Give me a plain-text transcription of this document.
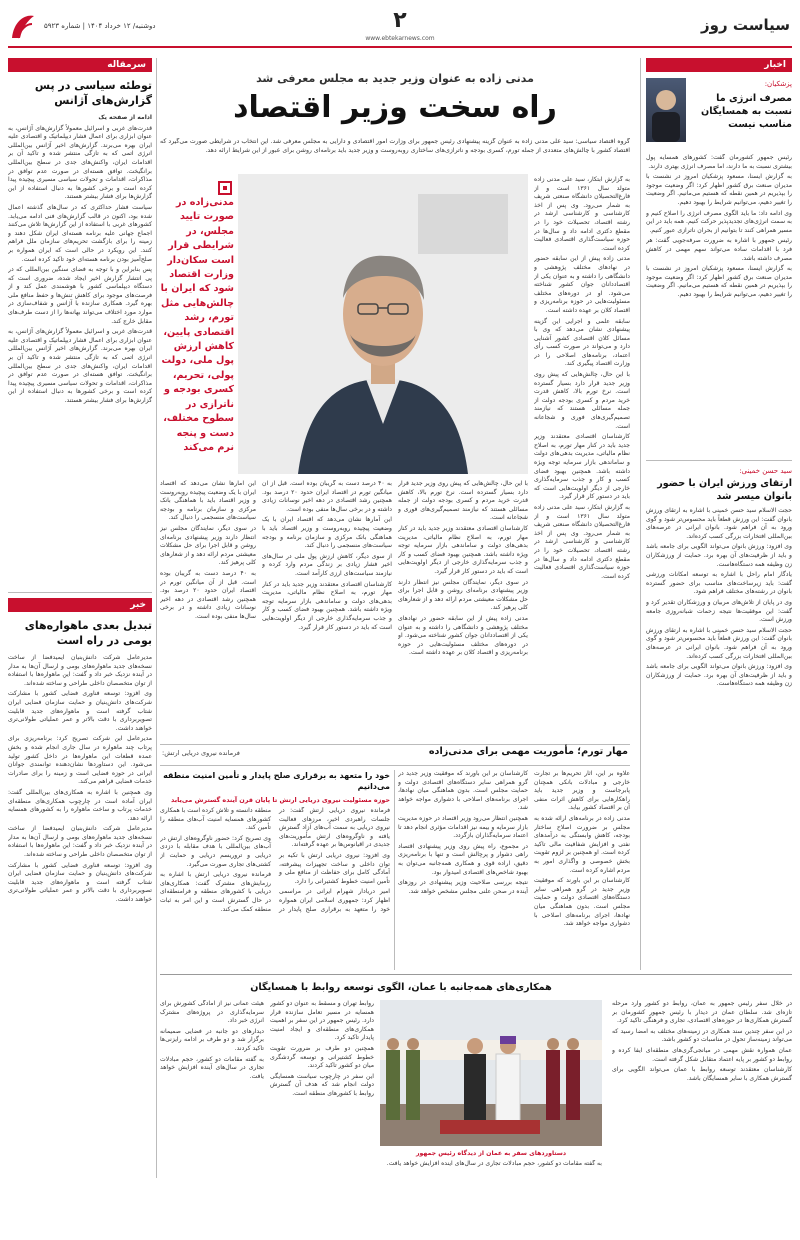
دوشنبه/ ۱۲ خرداد ۱۴۰۴ | شماره ۵۹۲۳	۲
www.ebtekarnews.com
سیاست روز
سرمقاله
توطئه سیاسی در پس گزارش‌های آژانس

ادامه از صفحه یک

قدرت‌های غربی و اسرائیل معمولاً گزارش‌های آژانس، به عنوان ابزاری برای اعمال فشار دیپلماتیک و اقتصادی علیه ایران بهره می‌برند. گزارش‌های اخیر آژانس بین‌المللی انرژی اتمی که به تازگی منتشر شده و تاکید آن بر اقدامات ایران، واکنش‌های جدی در سطح بین‌المللی برانگیخت. توافق هسته‌ای در صورت عدم توافق در مذاکرات، اقدامات و تحولات سیاسی مسیری پیچیده پیدا کرده است و برخی کشورها به دنبال استفاده از این گزارش‌ها برای فشار بیشتر هستند.

سیاست فشار حداکثری که در سال‌های گذشته اعمال شده بود، اکنون در قالب گزارش‌های فنی ادامه می‌یابد. کشورهای غربی با استفاده از این گزارش‌ها تلاش می‌کنند اجماع جهانی علیه برنامه هسته‌ای ایران شکل دهند و زمینه را برای بازگشت تحریم‌های سازمان ملل فراهم کنند. این رویکرد در حالی است که ایران همواره بر صلح‌آمیز بودن برنامه هسته‌ای خود تاکید کرده است.

پس بنابراین و با توجه به فضای سنگین بین‌المللی که در پی انتشار گزارش اخیر ایجاد شده، ضروری است که دستگاه دیپلماسی کشور با هوشمندی عمل کند و از فرصت‌های موجود برای کاهش تنش‌ها و حفظ منافع ملی بهره گیرد. همکاری سازنده با آژانس و شفاف‌سازی در موارد مورد اختلاف می‌تواند بهانه‌ها را از دست طرف‌های مقابل خارج کند.

قدرت‌های غربی و اسرائیل معمولاً گزارش‌های آژانس، به عنوان ابزاری برای اعمال فشار دیپلماتیک و اقتصادی علیه ایران بهره می‌برند. گزارش‌های اخیر آژانس بین‌المللی انرژی اتمی که به تازگی منتشر شده و تاکید آن بر اقدامات ایران، واکنش‌های جدی در سطح بین‌المللی برانگیخت. توافق هسته‌ای در صورت عدم توافق در مذاکرات، اقدامات و تحولات سیاسی مسیری پیچیده پیدا کرده است و برخی کشورها به دنبال استفاده از این گزارش‌ها برای فشار بیشتر هستند.

خبر
تبدیل بعدی ماهواره‌های بومی در راه است

مدیرعامل شرکت دانش‌بنیان ایمیدفضا از ساخت نسخه‌های جدید ماهواره‌های بومی و ارسال آن‌ها به مدار در آینده نزدیک خبر داد و گفت: این ماهواره‌ها با استفاده از توان متخصصان داخلی طراحی و ساخته شده‌اند.

وی افزود: توسعه فناوری فضایی کشور با مشارکت شرکت‌های دانش‌بنیان و حمایت سازمان فضایی ایران شتاب گرفته است و ماهواره‌های جدید قابلیت تصویربرداری با دقت بالاتر و عمر عملیاتی طولانی‌تری خواهند داشت.

مدیرعامل این شرکت تصریح کرد: برنامه‌ریزی برای پرتاب چند ماهواره در سال جاری انجام شده و بخش عمده قطعات این ماهواره‌ها در داخل کشور تولید می‌شود. این دستاوردها نشان‌دهنده توانمندی جوانان ایرانی در حوزه فضایی است و زمینه را برای صادرات خدمات فضایی فراهم می‌کند.

وی همچنین با اشاره به همکاری‌های بین‌المللی گفت: ایران آماده است در چارچوب همکاری‌های منطقه‌ای خدمات پرتاب و ساخت ماهواره را به کشورهای همسایه ارائه دهد.

مدیرعامل شرکت دانش‌بنیان ایمیدفضا از ساخت نسخه‌های جدید ماهواره‌های بومی و ارسال آن‌ها به مدار در آینده نزدیک خبر داد و گفت: این ماهواره‌ها با استفاده از توان متخصصان داخلی طراحی و ساخته شده‌اند.

وی افزود: توسعه فناوری فضایی کشور با مشارکت شرکت‌های دانش‌بنیان و حمایت سازمان فضایی ایران شتاب گرفته است و ماهواره‌های جدید قابلیت تصویربرداری با دقت بالاتر و عمر عملیاتی طولانی‌تری خواهند داشت.

اخبار
پزشکیان:
مصرف انرژی ما نسبت به همسایگان مناسب نیست

رئیس جمهور کشورمان گفت: کشورهای همسایه پول بیشتری نسبت به ما دارند، اما مصرف انرژی بهتری دارند.

به گزارش ایسنا، مسعود پزشکیان امروز در نشست با مدیران صنعت برق کشور اظهار کرد: اگر وضعیت موجود را بپذیریم در همین نقطه که هستیم می‌مانیم. اگر وضعیت را تغییر دهیم، می‌توانیم شرایط را بهبود دهیم.

وی ادامه داد: ما باید الگوی مصرف انرژی را اصلاح کنیم و به سمت انرژی‌های تجدیدپذیر حرکت کنیم. همه باید در این مسیر همراهی کنند تا بتوانیم از بحران ناترازی عبور کنیم.

رئیس جمهور با اشاره به ضرورت صرفه‌جویی گفت: هر فرد با اقدامات ساده می‌تواند سهم مهمی در کاهش مصرف داشته باشد.

به گزارش ایسنا، مسعود پزشکیان امروز در نشست با مدیران صنعت برق کشور اظهار کرد: اگر وضعیت موجود را بپذیریم در همین نقطه که هستیم می‌مانیم. اگر وضعیت را تغییر دهیم، می‌توانیم شرایط را بهبود دهیم.

سید حسن خمینی:
ارتقای ورزش ایران با حضور بانوان میسر شد

حجت الاسلام سید حسن خمینی با اشاره به ارتقای ورزش بانوان گفت: این ورزش قطعاً باید محسوس‌تر شود و گوی ورود به آن فراهم شود. بانوان ایرانی در عرصه‌های بین‌المللی افتخارات بزرگی کسب کرده‌اند.

وی افزود: ورزش بانوان می‌تواند الگویی برای جامعه باشد و باید از ظرفیت‌های آن بهره برد. حمایت از ورزشکاران زن وظیفه همه دستگاه‌هاست.

یادگار امام راحل با اشاره به توسعه امکانات ورزشی گفت: باید زیرساخت‌های مناسب برای حضور گسترده بانوان در رشته‌های مختلف فراهم شود.

وی در پایان از تلاش‌های مربیان و ورزشکاران تقدیر کرد و گفت: این موفقیت‌ها نتیجه زحمات شبانه‌روزی جامعه ورزش است.

حجت الاسلام سید حسن خمینی با اشاره به ارتقای ورزش بانوان گفت: این ورزش قطعاً باید محسوس‌تر شود و گوی ورود به آن فراهم شود. بانوان ایرانی در عرصه‌های بین‌المللی افتخارات بزرگی کسب کرده‌اند.

وی افزود: ورزش بانوان می‌تواند الگویی برای جامعه باشد و باید از ظرفیت‌های آن بهره برد. حمایت از ورزشکاران زن وظیفه همه دستگاه‌هاست.

مدنی زاده به عنوان وزیر جدید به مجلس معرفی شد
راه سخت وزیر اقتصاد
گروه اقتصاد سیاسی: سید علی مدنی زاده به عنوان گزینه پیشنهادی رئیس جمهور برای وزارت امور اقتصادی و دارایی به مجلس معرفی شد. این انتخاب در شرایطی صورت می‌گیرد که اقتصاد کشور با چالش‌های متعددی از جمله تورم، کسری بودجه و ناترازی‌های ساختاری روبه‌روست و وزیر جدید باید برنامه‌ای روشن برای عبور از این شرایط ارائه دهد.
مدنی‌زاده در صورت تایید مجلس، در شرایطی قرار است سکان‌دار وزارت اقتصاد شود که ایران با چالش‌هایی مثل تورم، رشد اقتصادی پایین، کاهش ارزش پول ملی، دولت پولی، تحریم، کسری بودجه و ناترازی در سطوح مختلف، دست و پنجه نرم می‌کند

به گزارش ابتکار، سید علی مدنی زاده متولد سال ۱۳۶۱ است و از فارغ‌التحصیلان دانشگاه صنعتی شریف به شمار می‌رود. وی پس از اخذ کارشناسی و کارشناسی ارشد در رشته اقتصاد، تحصیلات خود را در مقطع دکتری ادامه داد و سال‌ها در حوزه سیاست‌گذاری اقتصادی فعالیت کرده است.

مدنی زاده پیش از این سابقه حضور در نهادهای مختلف پژوهشی و دانشگاهی را داشته و به عنوان یکی از اقتصاددانان جوان کشور شناخته می‌شود. او در دوره‌های مختلف مسئولیت‌هایی در حوزه برنامه‌ریزی و اقتصاد کلان بر عهده داشته است.

سابقه علمی و اجرایی این گزینه پیشنهادی نشان می‌دهد که وی با مسائل کلان اقتصادی کشور آشنایی دارد و می‌تواند در صورت کسب رأی اعتماد، برنامه‌های اصلاحی را در وزارت اقتصاد پیگیری کند.

با این حال، چالش‌هایی که پیش روی وزیر جدید قرار دارد بسیار گسترده است. نرخ تورم بالا، کاهش قدرت خرید مردم و کسری بودجه دولت از جمله مسائلی هستند که نیازمند تصمیم‌گیری‌های فوری و شجاعانه است.

کارشناسان اقتصادی معتقدند وزیر جدید باید در کنار مهار تورم، به اصلاح نظام مالیاتی، مدیریت بدهی‌های دولت و ساماندهی بازار سرمایه توجه ویژه داشته باشد. همچنین بهبود فضای کسب و کار و جذب سرمایه‌گذاری خارجی از دیگر اولویت‌هایی است که باید در دستور کار قرار گیرد.

به گزارش ابتکار، سید علی مدنی زاده متولد سال ۱۳۶۱ است و از فارغ‌التحصیلان دانشگاه صنعتی شریف به شمار می‌رود. وی پس از اخذ کارشناسی و کارشناسی ارشد در رشته اقتصاد، تحصیلات خود را در مقطع دکتری ادامه داد و سال‌ها در حوزه سیاست‌گذاری اقتصادی فعالیت کرده است.

با این حال، چالش‌هایی که پیش روی وزیر جدید قرار دارد بسیار گسترده است. نرخ تورم بالا، کاهش قدرت خرید مردم و کسری بودجه دولت از جمله مسائلی هستند که نیازمند تصمیم‌گیری‌های فوری و شجاعانه است.

کارشناسان اقتصادی معتقدند وزیر جدید باید در کنار مهار تورم، به اصلاح نظام مالیاتی، مدیریت بدهی‌های دولت و ساماندهی بازار سرمایه توجه ویژه داشته باشد. همچنین بهبود فضای کسب و کار و جذب سرمایه‌گذاری خارجی از دیگر اولویت‌هایی است که باید در دستور کار قرار گیرد.

در سوی دیگر، نمایندگان مجلس نیز انتظار دارند وزیر پیشنهادی برنامه‌ای روشن و قابل اجرا برای حل مشکلات معیشتی مردم ارائه دهد و از شعارهای کلی پرهیز کند.

مدنی زاده پیش از این سابقه حضور در نهادهای مختلف پژوهشی و دانشگاهی را داشته و به عنوان یکی از اقتصاددانان جوان کشور شناخته می‌شود. او در دوره‌های مختلف مسئولیت‌هایی در حوزه برنامه‌ریزی و اقتصاد کلان بر عهده داشته است.

به ۴۰ درصد دست به گریبان بوده است. قبل از آن میانگین تورم در اقتصاد ایران حدود ۲۰ درصد بود. همچنین رشد اقتصادی در دهه اخیر نوسانات زیادی داشته و در برخی سال‌ها منفی بوده است.

این آمارها نشان می‌دهد که اقتصاد ایران با یک وضعیت پیچیده روبه‌روست و وزیر اقتصاد باید با هماهنگی بانک مرکزی و سازمان برنامه و بودجه سیاست‌های منسجمی را دنبال کند.

از سوی دیگر، کاهش ارزش پول ملی در سال‌های اخیر فشار زیادی بر زندگی مردم وارد کرده و نیازمند سیاست‌های ارزی کارآمد است.

کارشناسان اقتصادی معتقدند وزیر جدید باید در کنار مهار تورم، به اصلاح نظام مالیاتی، مدیریت بدهی‌های دولت و ساماندهی بازار سرمایه توجه ویژه داشته باشد. همچنین بهبود فضای کسب و کار و جذب سرمایه‌گذاری خارجی از دیگر اولویت‌هایی است که باید در دستور کار قرار گیرد.

این آمارها نشان می‌دهد که اقتصاد ایران با یک وضعیت پیچیده روبه‌روست و وزیر اقتصاد باید با هماهنگی بانک مرکزی و سازمان برنامه و بودجه سیاست‌های منسجمی را دنبال کند.

در سوی دیگر، نمایندگان مجلس نیز انتظار دارند وزیر پیشنهادی برنامه‌ای روشن و قابل اجرا برای حل مشکلات معیشتی مردم ارائه دهد و از شعارهای کلی پرهیز کند.

به ۴۰ درصد دست به گریبان بوده است. قبل از آن میانگین تورم در اقتصاد ایران حدود ۲۰ درصد بود. همچنین رشد اقتصادی در دهه اخیر نوسانات زیادی داشته و در برخی سال‌ها منفی بوده است.

مهار تورم؛ مأموریت مهمی برای مدنی‌زاده
فرمانده نیروی دریایی ارتش:

علاوه بر این، آثار تحریم‌ها بر تجارت خارجی و مبادلات بانکی همچنان پابرجاست و وزیر جدید باید راهکارهایی برای کاهش اثرات منفی آن بر اقتصاد کشور بیابد.

مدنی زاده در برنامه‌های ارائه شده به مجلس بر ضرورت اصلاح ساختار بودجه، کاهش وابستگی به درآمدهای نفتی و افزایش شفافیت مالی تاکید کرده است. او همچنین بر لزوم تقویت بخش خصوصی و واگذاری امور به مردم اشاره کرده است.

کارشناسان بر این باورند که موفقیت وزیر جدید در گرو همراهی سایر دستگاه‌های اقتصادی دولت و حمایت مجلس است. بدون هماهنگی میان نهادها، اجرای برنامه‌های اصلاحی با دشواری مواجه خواهد شد.

کارشناسان بر این باورند که موفقیت وزیر جدید در گرو همراهی سایر دستگاه‌های اقتصادی دولت و حمایت مجلس است. بدون هماهنگی میان نهادها، اجرای برنامه‌های اصلاحی با دشواری مواجه خواهد شد.

همچنین انتظار می‌رود وزیر اقتصاد در حوزه مدیریت بازار سرمایه و بیمه نیز اقدامات مؤثری انجام دهد تا اعتماد سرمایه‌گذاران بازگردد.

در مجموع، راه پیش روی وزیر پیشنهادی اقتصاد راهی دشوار و پرچالش است و تنها با برنامه‌ریزی دقیق، اراده قوی و همکاری همه‌جانبه می‌توان به بهبود شاخص‌های اقتصادی امیدوار بود.

نتیجه بررسی صلاحیت وزیر پیشنهادی در روزهای آینده در صحن علنی مجلس مشخص خواهد شد.

خود را متعهد به برقراری صلح پایدار و تأمین امنیت منطقه می‌دانیم
حوزه مسئولیت نیروی دریایی ارتش تا پایان قرن آینده گسترش می‌یابد

فرمانده نیروی دریایی ارتش گفت: در جلسات راهبردی اخیر، مرزهای فعالیت نیروی دریایی به سمت آب‌های آزاد گسترش یافته و ناوگروه‌های ارتش مأموریت‌های جدیدی در اقیانوس‌ها بر عهده گرفته‌اند.

وی افزود: نیروی دریایی ارتش با تکیه بر توان داخلی و ساخت تجهیزات پیشرفته، آمادگی کامل برای حفاظت از منافع ملی و تأمین امنیت خطوط کشتیرانی را دارد.

امیر دریادار شهرام ایرانی در مراسمی اظهار کرد: جمهوری اسلامی ایران همواره خود را متعهد به برقراری صلح پایدار در منطقه دانسته و تلاش کرده است با همکاری کشورهای همسایه امنیت آب‌های منطقه را تأمین کند.

وی تصریح کرد: حضور ناوگروه‌های ارتش در آب‌های بین‌المللی با هدف مقابله با دزدی دریایی و تروریسم دریایی و حمایت از کشتی‌های تجاری صورت می‌گیرد.

فرمانده نیروی دریایی ارتش با اشاره به رزمایش‌های مشترک گفت: همکاری‌های دریایی با کشورهای منطقه و فرامنطقه‌ای در حال گسترش است و این امر به ثبات منطقه کمک می‌کند.

همکاری‌های همه‌جانبه با عمان، الگوی توسعه روابط با همسایگان

در خلال سفر رئیس جمهور به عمان، روابط دو کشور وارد مرحله تازه‌ای شد. سلطان عمان در دیدار با رئیس جمهور کشورمان بر گسترش همکاری‌ها در حوزه‌های اقتصادی، تجاری و فرهنگی تاکید کرد.

در این سفر چندین سند همکاری در زمینه‌های مختلف به امضا رسید که می‌تواند زمینه‌ساز تحول در مناسبات دو کشور باشد.

عمان همواره نقش مهمی در میانجی‌گری‌های منطقه‌ای ایفا کرده و روابط دو کشور بر پایه اعتماد متقابل شکل گرفته است.

کارشناسان معتقدند توسعه روابط با عمان می‌تواند الگویی برای گسترش همکاری با سایر همسایگان باشد.

دستاوردهای سفر به عمان از دیدگاه رئیس جمهور

به گفته مقامات دو کشور، حجم مبادلات تجاری در سال‌های آینده افزایش خواهد یافت.

روابط تهران و مسقط به عنوان دو کشور همسایه در مسیر تعامل سازنده قرار دارد. رئیس جمهور در این سفر بر اهمیت همکاری‌های منطقه‌ای و ایجاد امنیت پایدار تاکید کرد.

همچنین دو طرف بر ضرورت تقویت خطوط کشتیرانی و توسعه گردشگری میان دو کشور تاکید کردند.

این سفر در چارچوب سیاست همسایگی دولت انجام شد که هدف آن گسترش روابط با کشورهای منطقه است.

هیئت عمانی نیز از آمادگی کشورش برای سرمایه‌گذاری در پروژه‌های مشترک انرژی خبر داد.

دیدارهای دو جانبه در فضایی صمیمانه برگزار شد و دو طرف بر ادامه رایزنی‌ها تاکید کردند.

به گفته مقامات دو کشور، حجم مبادلات تجاری در سال‌های آینده افزایش خواهد یافت.
